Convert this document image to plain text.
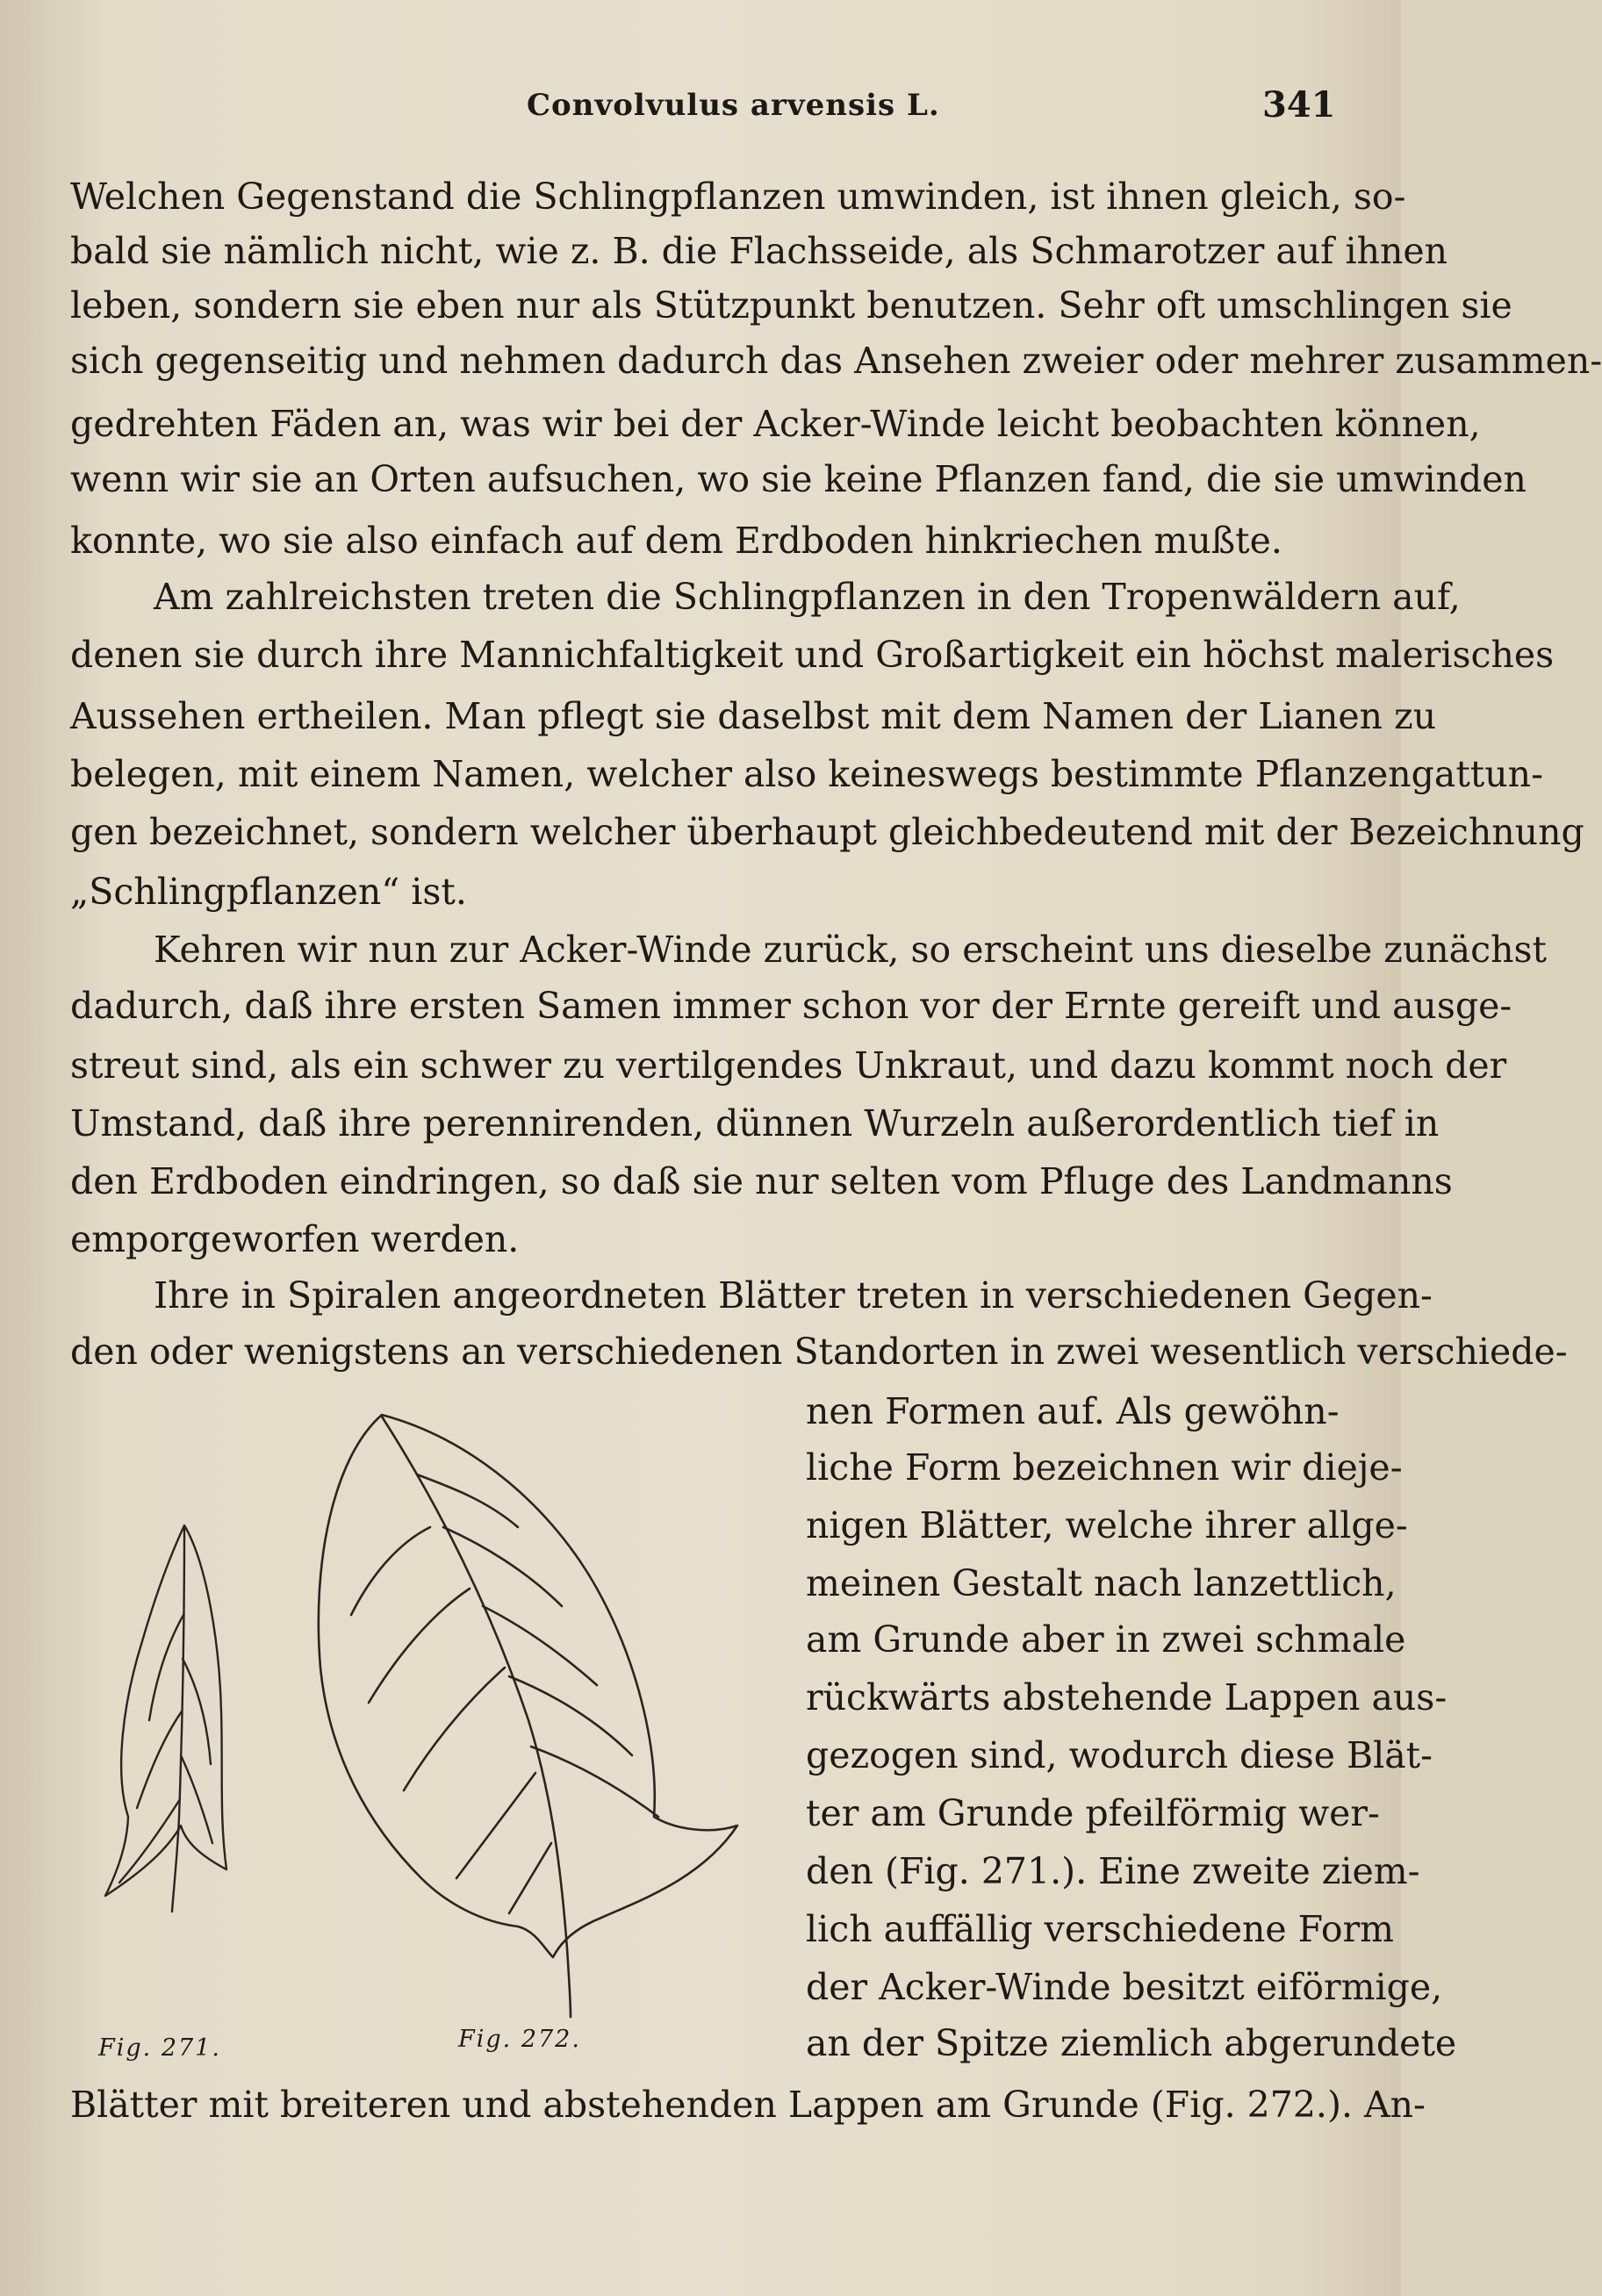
Convolvulus arvensis L.	341
Welchen Gegenstand die Schlingpflanzen umwinden, ist ihnen gleich, so-
bald sie nämlich nicht, wie z. B. die Flachsseide, als Schmarotzer auf ihnen
leben, sondern sie eben nur als Stützpunkt benutzen. Sehr oft umschlingen sie
sich gegenseitig und nehmen dadurch das Ansehen zweier oder mehrer zusammen-
gedrehten Fäden an, was wir bei der Acker-Winde leicht beobachten können,
wenn wir sie an Orten aufsuchen, wo sie keine Pflanzen fand, die sie umwinden
konnte, wo sie also einfach auf dem Erdboden hinkriechen mußte.
Am zahlreichsten treten die Schlingpflanzen in den Tropenwäldern auf,
denen sie durch ihre Mannichfaltigkeit und Großartigkeit ein höchst malerisches
Aussehen ertheilen. Man pflegt sie daselbst mit dem Namen der Lianen zu
belegen, mit einem Namen, welcher also keineswegs bestimmte Pflanzengattun-
gen bezeichnet, sondern welcher überhaupt gleichbedeutend mit der Bezeichnung
„Schlingpflanzen“ ist.
Kehren wir nun zur Acker-Winde zurück, so erscheint uns dieselbe zunächst
dadurch, daß ihre ersten Samen immer schon vor der Ernte gereift und ausge-
streut sind, als ein schwer zu vertilgendes Unkraut, und dazu kommt noch der
Umstand, daß ihre perennirenden, dünnen Wurzeln außerordentlich tief in
den Erdboden eindringen, so daß sie nur selten vom Pfluge des Landmanns
emporgeworfen werden.
Ihre in Spiralen angeordneten Blätter treten in verschiedenen Gegen-
den oder wenigstens an verschiedenen Standorten in zwei wesentlich verschiede-
nen Formen auf. Als gewöhn-
liche Form bezeichnen wir dieje-
nigen Blätter, welche ihrer allge-
meinen Gestalt nach lanzettlich,
am Grunde aber in zwei schmale
rückwärts abstehende Lappen aus-
gezogen sind, wodurch diese Blät-
ter am Grunde pfeilförmig wer-
den (Fig. 271.). Eine zweite ziem-
lich auffällig verschiedene Form
der Acker-Winde besitzt eiförmige,
an der Spitze ziemlich abgerundete
Blätter mit breiteren und abstehenden Lappen am Grunde (Fig. 272.). An-
Fig. 271.	Fig. 272.
